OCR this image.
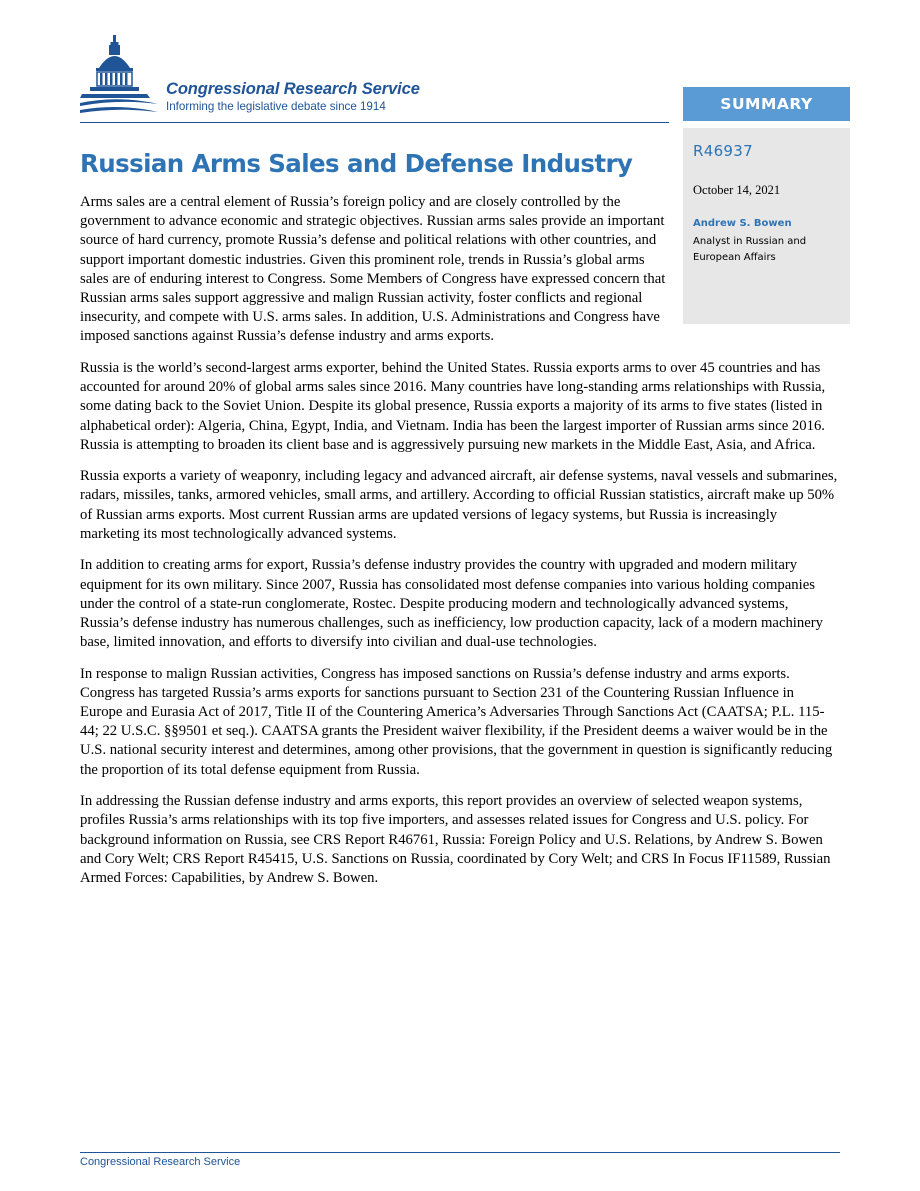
Congressional Research Service
Informing the legislative debate since 1914	SUMMARY
R46937
October 14, 2021
Andrew S. Bowen
Analyst in Russian and European Affairs
Russian Arms Sales and Defense Industry

Arms sales are a central element of Russia’s foreign policy and are closely controlled by the government to advance economic and strategic objectives. Russian arms sales provide an important source of hard currency, promote Russia’s defense and political relations with other countries, and support important domestic industries. Given this prominent role, trends in Russia’s global arms sales are of enduring interest to Congress. Some Members of Congress have expressed concern that Russian arms sales support aggressive and malign Russian activity, foster conflicts and regional insecurity, and compete with U.S. arms sales. In addition, U.S. Administrations and Congress have imposed sanctions against Russia’s defense industry and arms exports.

Russia is the world’s second-largest arms exporter, behind the United States. Russia exports arms to over 45 countries and has accounted for around 20% of global arms sales since 2016. Many countries have long-standing arms relationships with Russia, some dating back to the Soviet Union. Despite its global presence, Russia exports a majority of its arms to five states (listed in alphabetical order): Algeria, China, Egypt, India, and Vietnam. India has been the largest importer of Russian arms since 2016. Russia is attempting to broaden its client base and is aggressively pursuing new markets in the Middle East, Asia, and Africa.

Russia exports a variety of weaponry, including legacy and advanced aircraft, air defense systems, naval vessels and submarines, radars, missiles, tanks, armored vehicles, small arms, and artillery. According to official Russian statistics, aircraft make up 50% of Russian arms exports. Most current Russian arms are updated versions of legacy systems, but Russia is increasingly marketing its most technologically advanced systems.

In addition to creating arms for export, Russia’s defense industry provides the country with upgraded and modern military equipment for its own military. Since 2007, Russia has consolidated most defense companies into various holding companies under the control of a state-run conglomerate, Rostec. Despite producing modern and technologically advanced systems, Russia’s defense industry has numerous challenges, such as inefficiency, low production capacity, lack of a modern machinery base, limited innovation, and efforts to diversify into civilian and dual-use technologies.

In response to malign Russian activities, Congress has imposed sanctions on Russia’s defense industry and arms exports. Congress has targeted Russia’s arms exports for sanctions pursuant to Section 231 of the Countering Russian Influence in Europe and Eurasia Act of 2017, Title II of the Countering America’s Adversaries Through Sanctions Act (CAATSA; P.L. 115-44; 22 U.S.C. §§9501 et seq.). CAATSA grants the President waiver flexibility, if the President deems a waiver would be in the U.S. national security interest and determines, among other provisions, that the government in question is significantly reducing the proportion of its total defense equipment from Russia.

In addressing the Russian defense industry and arms exports, this report provides an overview of selected weapon systems, profiles Russia’s arms relationships with its top five importers, and assesses related issues for Congress and U.S. policy. For background information on Russia, see CRS Report R46761, Russia: Foreign Policy and U.S. Relations, by Andrew S. Bowen and Cory Welt; CRS Report R45415, U.S. Sanctions on Russia, coordinated by Cory Welt; and CRS In Focus IF11589, Russian Armed Forces: Capabilities, by Andrew S. Bowen.

Congressional Research Service
